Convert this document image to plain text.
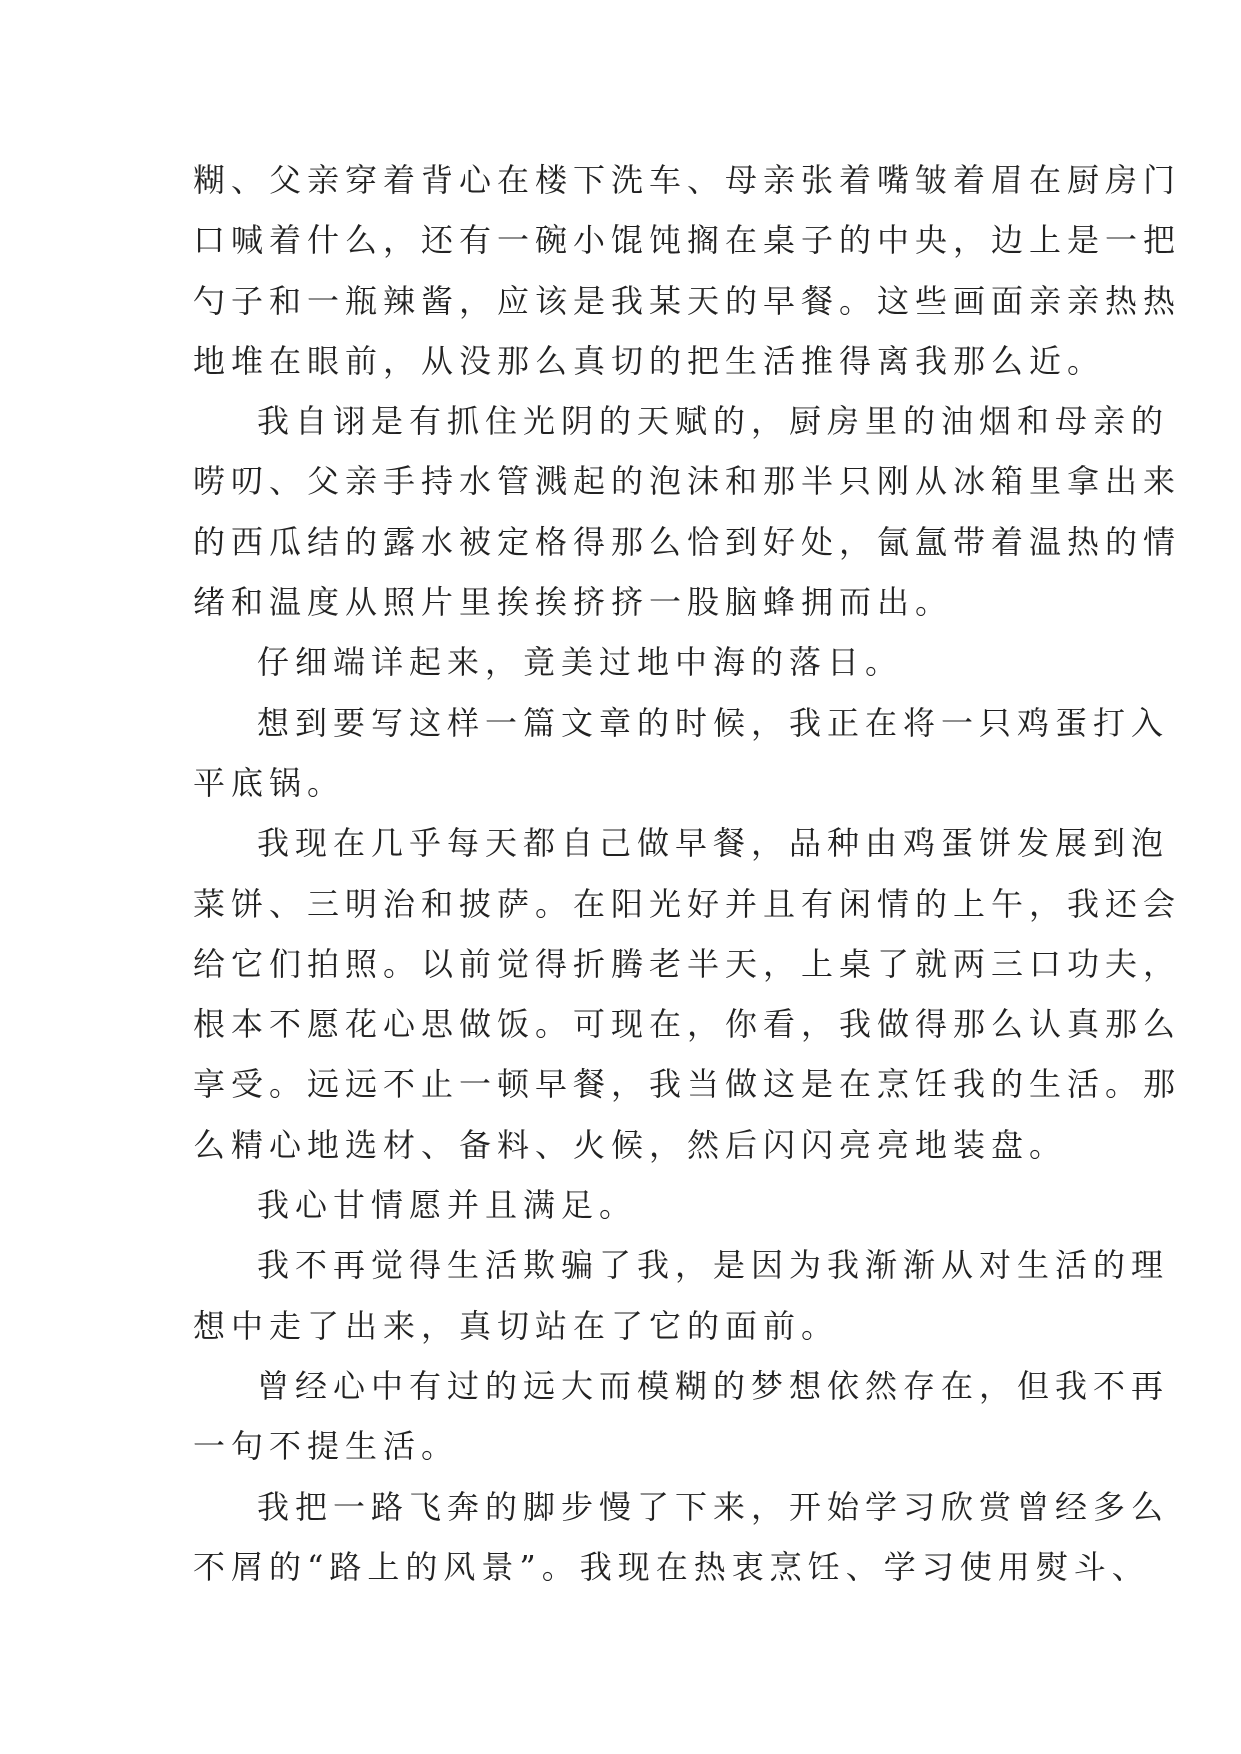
糊、父亲穿着背心在楼下洗车、母亲张着嘴皱着眉在厨房门
口喊着什么，还有一碗小馄饨搁在桌子的中央，边上是一把
勺子和一瓶辣酱，应该是我某天的早餐。这些画面亲亲热热
地堆在眼前，从没那么真切的把生活推得离我那么近。
我自诩是有抓住光阴的天赋的，厨房里的油烟和母亲的
唠叨、父亲手持水管溅起的泡沫和那半只刚从冰箱里拿出来
的西瓜结的露水被定格得那么恰到好处，氤氲带着温热的情
绪和温度从照片里挨挨挤挤一股脑蜂拥而出。
仔细端详起来，竟美过地中海的落日。
想到要写这样一篇文章的时候，我正在将一只鸡蛋打入
平底锅。
我现在几乎每天都自己做早餐，品种由鸡蛋饼发展到泡
菜饼、三明治和披萨。在阳光好并且有闲情的上午，我还会
给它们拍照。以前觉得折腾老半天，上桌了就两三口功夫，
根本不愿花心思做饭。可现在，你看，我做得那么认真那么
享受。远远不止一顿早餐，我当做这是在烹饪我的生活。那
么精心地选材、备料、火候，然后闪闪亮亮地装盘。
我心甘情愿并且满足。
我不再觉得生活欺骗了我，是因为我渐渐从对生活的理
想中走了出来，真切站在了它的面前。
曾经心中有过的远大而模糊的梦想依然存在，但我不再
一句不提生活。
我把一路飞奔的脚步慢了下来，开始学习欣赏曾经多么
不屑的“路上的风景”。我现在热衷烹饪、学习使用熨斗、
